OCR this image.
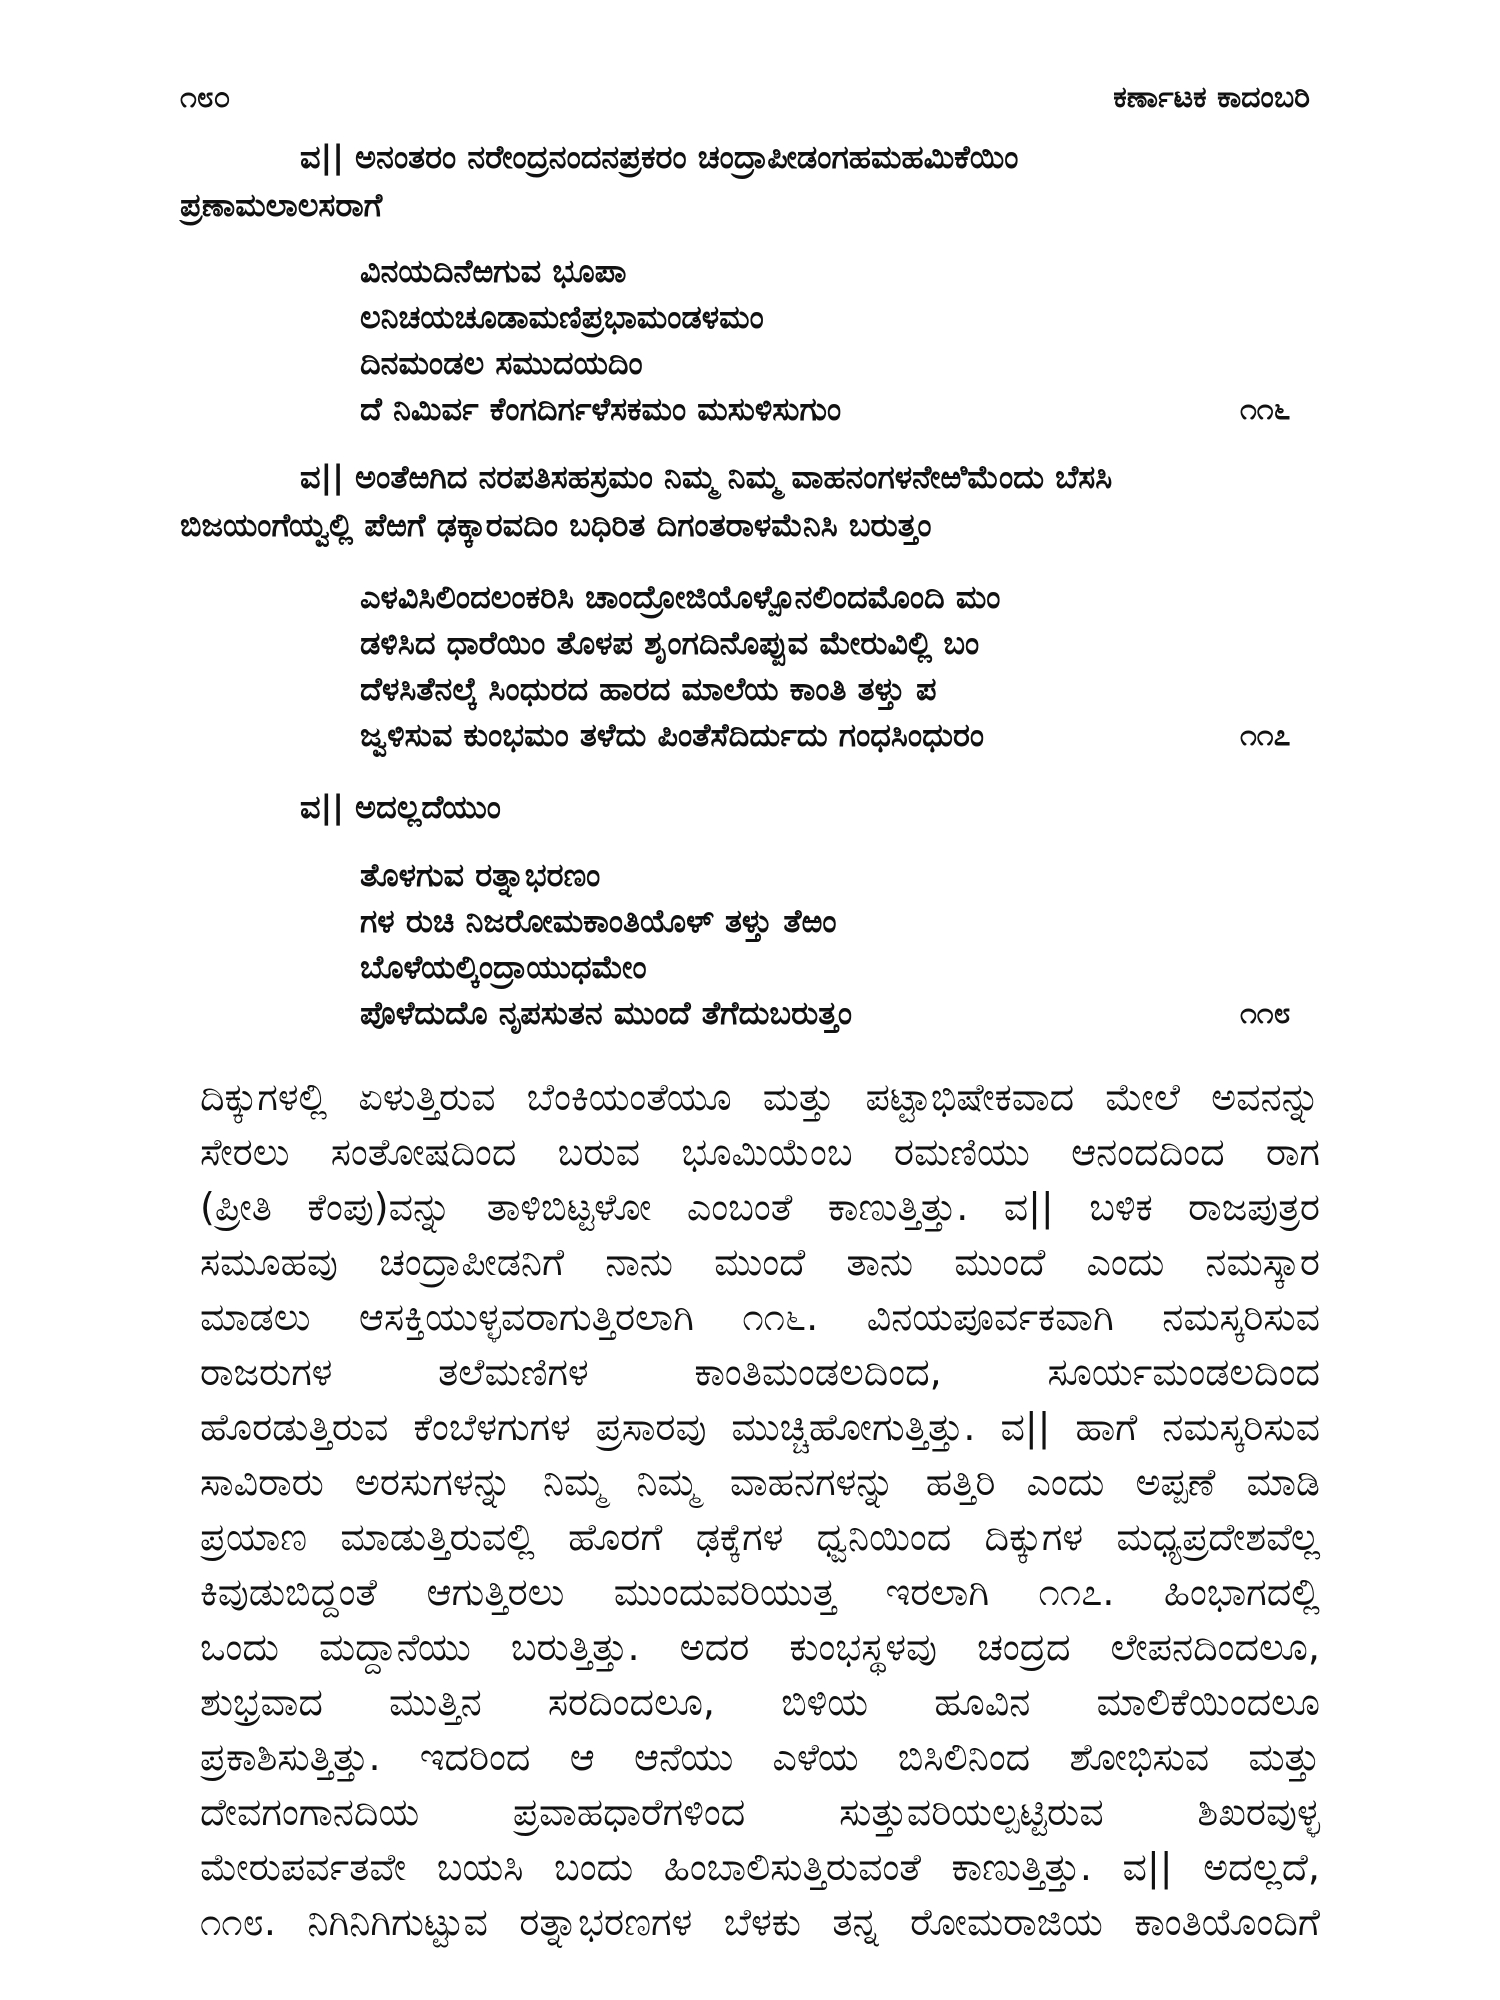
೧೮೦	ಕರ್ಣಾಟಕ ಕಾದಂಬರಿ
ವ|| ಅನಂತರಂ ನರೇಂದ್ರನಂದನಪ್ರಕರಂ ಚಂದ್ರಾಪೀಡಂಗಹಮಹಮಿಕೆಯಿಂ
ಪ್ರಣಾಮಲಾಲಸರಾಗೆ
ವಿನಯದಿನೆಱಗುವ ಭೂಪಾ
ಲನಿಚಯಚೂಡಾಮಣಿಪ್ರಭಾಮಂಡಳಮಂ
ದಿನಮಂಡಲ ಸಮುದಯದಿಂ
ದೆ ನಿಮಿರ್ವ ಕೆಂಗದಿರ್ಗಳೆಸಕಮಂ ಮಸುಳಿಸುಗುಂ	೧೧೬
ವ|| ಅಂತೆಱಗಿದ ನರಪತಿಸಹಸ್ರಮಂ ನಿಮ್ಮ ನಿಮ್ಮ ವಾಹನಂಗಳನೇಱಿಮೆಂದು ಬೆಸಸಿ
ಬಿಜಯಂಗೆಯ್ವಲ್ಲಿ ಪೆಱಗೆ ಢಕ್ಕಾರವದಿಂ ಬಧಿರಿತ ದಿಗಂತರಾಳಮೆನಿಸಿ ಬರುತ್ತಂ
ಎಳವಿಸಿಲಿಂದಲಂಕರಿಸಿ ಚಾಂದ್ರೋಜಿಯೊಳ್ಪೊನಲಿಂದಮೊಂದಿ ಮಂ
ಡಳಿಸಿದ ಧಾರೆಯಿಂ ತೊಳಪ ಶೃಂಗದಿನೊಪ್ಪುವ ಮೇರುವಿಲ್ಲಿ ಬಂ
ದೆಳಸಿತೆನಲ್ಕೆ ಸಿಂಧುರದ ಹಾರದ ಮಾಲೆಯ ಕಾಂತಿ ತಳ್ತು ಪ
ಜ್ವಳಿಸುವ ಕುಂಭಮಂ ತಳೆದು ಪಿಂತೆಸೆದಿರ್ದುದು ಗಂಧಸಿಂಧುರಂ	೧೧೭
ವ|| ಅದಲ್ಲದೆಯುಂ
ತೊಳಗುವ ರತ್ನಾಭರಣಂ
ಗಳ ರುಚಿ ನಿಜರೋಮಕಾಂತಿಯೊಳ್ ತಳ್ತು ತೆಱಂ
ಬೊಳೆಯಲ್ಕಿಂದ್ರಾಯುಧಮೇಂ
ಪೊಳೆದುದೊ ನೃಪಸುತನ ಮುಂದೆ ತೆಗೆದುಬರುತ್ತಂ	೧೧೮
ದಿಕ್ಕುಗಳಲ್ಲಿ ಏಳುತ್ತಿರುವ ಬೆಂಕಿಯಂತೆಯೂ ಮತ್ತು ಪಟ್ಟಾಭಿಷೇಕವಾದ ಮೇಲೆ ಅವನನ್ನು
ಸೇರಲು ಸಂತೋಷದಿಂದ ಬರುವ ಭೂಮಿಯೆಂಬ ರಮಣಿಯು ಆನಂದದಿಂದ ರಾಗ
(ಪ್ರೀತಿ ಕೆಂಪು)ವನ್ನು ತಾಳಿಬಿಟ್ಟಳೋ ಎಂಬಂತೆ ಕಾಣುತ್ತಿತ್ತು. ವ|| ಬಳಿಕ ರಾಜಪುತ್ರರ
ಸಮೂಹವು ಚಂದ್ರಾಪೀಡನಿಗೆ ನಾನು ಮುಂದೆ ತಾನು ಮುಂದೆ ಎಂದು ನಮಸ್ಕಾರ
ಮಾಡಲು ಆಸಕ್ತಿಯುಳ್ಳವರಾಗುತ್ತಿರಲಾಗಿ ೧೧೬. ವಿನಯಪೂರ್ವಕವಾಗಿ ನಮಸ್ಕರಿಸುವ
ರಾಜರುಗಳ ತಲೆಮಣಿಗಳ ಕಾಂತಿಮಂಡಲದಿಂದ, ಸೂರ್ಯಮಂಡಲದಿಂದ
ಹೊರಡುತ್ತಿರುವ ಕೆಂಬೆಳಗುಗಳ ಪ್ರಸಾರವು ಮುಚ್ಚಿಹೋಗುತ್ತಿತ್ತು. ವ|| ಹಾಗೆ ನಮಸ್ಕರಿಸುವ
ಸಾವಿರಾರು ಅರಸುಗಳನ್ನು ನಿಮ್ಮ ನಿಮ್ಮ ವಾಹನಗಳನ್ನು ಹತ್ತಿರಿ ಎಂದು ಅಪ್ಪಣೆ ಮಾಡಿ
ಪ್ರಯಾಣ ಮಾಡುತ್ತಿರುವಲ್ಲಿ ಹೊರಗೆ ಢಕ್ಕೆಗಳ ಧ್ವನಿಯಿಂದ ದಿಕ್ಕುಗಳ ಮಧ್ಯಪ್ರದೇಶವೆಲ್ಲ
ಕಿವುಡುಬಿದ್ದಂತೆ ಆಗುತ್ತಿರಲು ಮುಂದುವರಿಯುತ್ತ ಇರಲಾಗಿ ೧೧೭. ಹಿಂಭಾಗದಲ್ಲಿ
ಒಂದು ಮದ್ದಾನೆಯು ಬರುತ್ತಿತ್ತು. ಅದರ ಕುಂಭಸ್ಥಳವು ಚಂದ್ರದ ಲೇಪನದಿಂದಲೂ,
ಶುಭ್ರವಾದ ಮುತ್ತಿನ ಸರದಿಂದಲೂ, ಬಿಳಿಯ ಹೂವಿನ ಮಾಲಿಕೆಯಿಂದಲೂ
ಪ್ರಕಾಶಿಸುತ್ತಿತ್ತು. ಇದರಿಂದ ಆ ಆನೆಯು ಎಳೆಯ ಬಿಸಿಲಿನಿಂದ ಶೋಭಿಸುವ ಮತ್ತು
ದೇವಗಂಗಾನದಿಯ ಪ್ರವಾಹಧಾರೆಗಳಿಂದ ಸುತ್ತುವರಿಯಲ್ಪಟ್ಟಿರುವ ಶಿಖರವುಳ್ಳ
ಮೇರುಪರ್ವತವೇ ಬಯಸಿ ಬಂದು ಹಿಂಬಾಲಿಸುತ್ತಿರುವಂತೆ ಕಾಣುತ್ತಿತ್ತು. ವ|| ಅದಲ್ಲದೆ,
೧೧೮. ನಿಗಿನಿಗಿಗುಟ್ಟುವ ರತ್ನಾಭರಣಗಳ ಬೆಳಕು ತನ್ನ ರೋಮರಾಜಿಯ ಕಾಂತಿಯೊಂದಿಗೆ
